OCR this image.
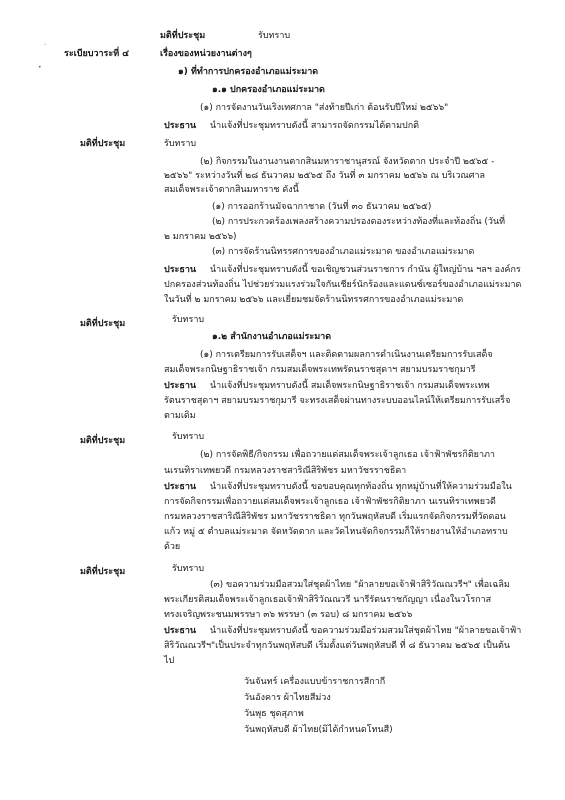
`
•
มติที่ประชุม	รับทราบ
ระเบียบวาระที่ ๔	เรื่องของหน่วยงานต่างๆ
๑) ที่ทำการปกครองอำเภอแม่ระมาด
๑.๑ ปกครองอำเภอแม่ระมาด
(๑) การจัดงานวันเริงเทศกาล "ส่งท้ายปีเก่า ต้อนรับปีใหม่ ๒๕๖๖"
ประธาน นำแจ้งที่ประชุมทราบดังนี้ สามารถจัดกรรมได้ตามปกติ
มติที่ประชุม	รับทราบ
(๒) กิจกรรมในงานงานตากสินมหาราชานุสรณ์ จังหวัดตาก ประจำปี ๒๕๖๕ -
๒๕๖๖" ระหว่างวันที่ ๒๘ ธันวาคม ๒๕๖๕ ถึง วันที่ ๓ มกราคม ๒๕๖๖ ณ บริเวณศาล
สมเด็จพระเจ้าตากสินมหาราช ดังนี้
(๑) การออกร้านมัจฉากาชาด (วันที่ ๓๐ ธันวาคม ๒๕๖๕)
(๒) การประกวดร้องเพลงสร้างความปรองดองระหว่างท้องที่และท้องถิ่น (วันที่
๒ มกราคม ๒๕๖๖)
(๓) การจัดร้านนิทรรศการของอำเภอแม่ระมาด ของอำเภอแม่ระมาด
ประธาน นำแจ้งที่ประชุมทราบดังนี้ ขอเชิญชวนส่วนราชการ กำนัน ผู้ใหญ่บ้าน ฯลฯ องค์กร
ปกครองส่วนท้องถิ่น ไปช่วยร่วมแรงร่วมใจกันเชียร์นักร้องและแดนซ์เซอร์ของอำเภอแม่ระมาด
ในวันที่ ๒ มกราคม ๒๕๖๖ และเยี่ยมชมจัดร้านนิทรรศการของอำเภอแม่ระมาด
มติที่ประชุม	รับทราบ
๑.๒ สำนักงานอำเภอแม่ระมาด
(๑) การเตรียมการรับเสด็จฯ และติดตามผลการดำเนินงานเตรียมการรับเสด็จ
สมเด็จพระกนิษฐาธิราชเจ้า กรมสมเด็จพระเทพรัตนราชสุดาฯ สยามบรมราชกุมารี
ประธาน นำแจ้งที่ประชุมทราบดังนี้ สมเด็จพระกนิษฐาธิราชเจ้า กรมสมเด็จพระเทพ
รัตนราชสุดาฯ สยามบรมราชกุมารี จะทรงเสด็จผ่านทางระบบออนไลน์ให้เตรียมการรับเสร็จ
ตามเดิม
มติที่ประชุม	รับทราบ
(๒) การจัดพิธี/กิจกรรม เพื่อถวายแด่สมเด็จพระเจ้าลูกเธอ เจ้าฟ้าพัชรกิติยาภา
นเรนทิราเทพยวดี กรมหลวงราชสาริณีสิริพัชร มหาวัชรราชธิดา
ประธาน นำแจ้งที่ประชุมทราบดังนี้ ขอขอบคุณทุกท้องถิ่น ทุกหมู่บ้านที่ให้ความร่วมมือใน
การจัดกิจกรรมเพื่อถวายแด่สมเด็จพระเจ้าลูกเธอ เจ้าฟ้าพัชรกิติยาภา นเรนทิราเทพยวดี
กรมหลวงราชสาริณีสิริพัชร มหาวัชรราชธิดา ทุกวันพฤหัสบดี เริ่มแรกจัดกิจกรรมที่วัดดอน
แก้ว หมู่ ๕ ตำบลแม่ระมาด จัดหวัดตาก และวัดไหนจัดกิจกรรมก็ให้รายงานให้อำเภอทราบ
ด้วย
มติที่ประชุม	รับทราบ
(๓) ขอความร่วมมือสวมใส่ชุดผ้าไทย "ผ้าลายขอเจ้าฟ้าสิริวัณณวรีฯ" เพื่อเฉลิม
พระเกียรติสมเด็จพระเจ้าลูกเธอเจ้าฟ้าสิริวัณณวรี นารีรัตนราชกัญญา เนื่องในวโรกาส
ทรงเจริญพระชนมพรรษา ๓๖ พรรษา (๓ รอบ) ๘ มกราคม ๒๕๖๖
ประธาน นำแจ้งที่ประชุมทราบดังนี้ ขอความร่วมมือร่วมสวมใส่ชุดผ้าไทย "ผ้าลายขอเจ้าฟ้า
สิริวัณณวรีฯ"เป็นประจำทุกวันพฤหัสบดี เริ่มตั้งแต่วันพฤหัสบดี ที่ ๘ ธันวาคม ๒๕๖๕ เป็นต้น
ไป
วันจันทร์ เครื่องแบบข้าราชการสีกากี
วันอังคาร ผ้าไทยสีม่วง
วันพุธ ชุดสุภาพ
วันพฤหัสบดี ผ้าไทย(มิได้กำหนดโทนสี)
